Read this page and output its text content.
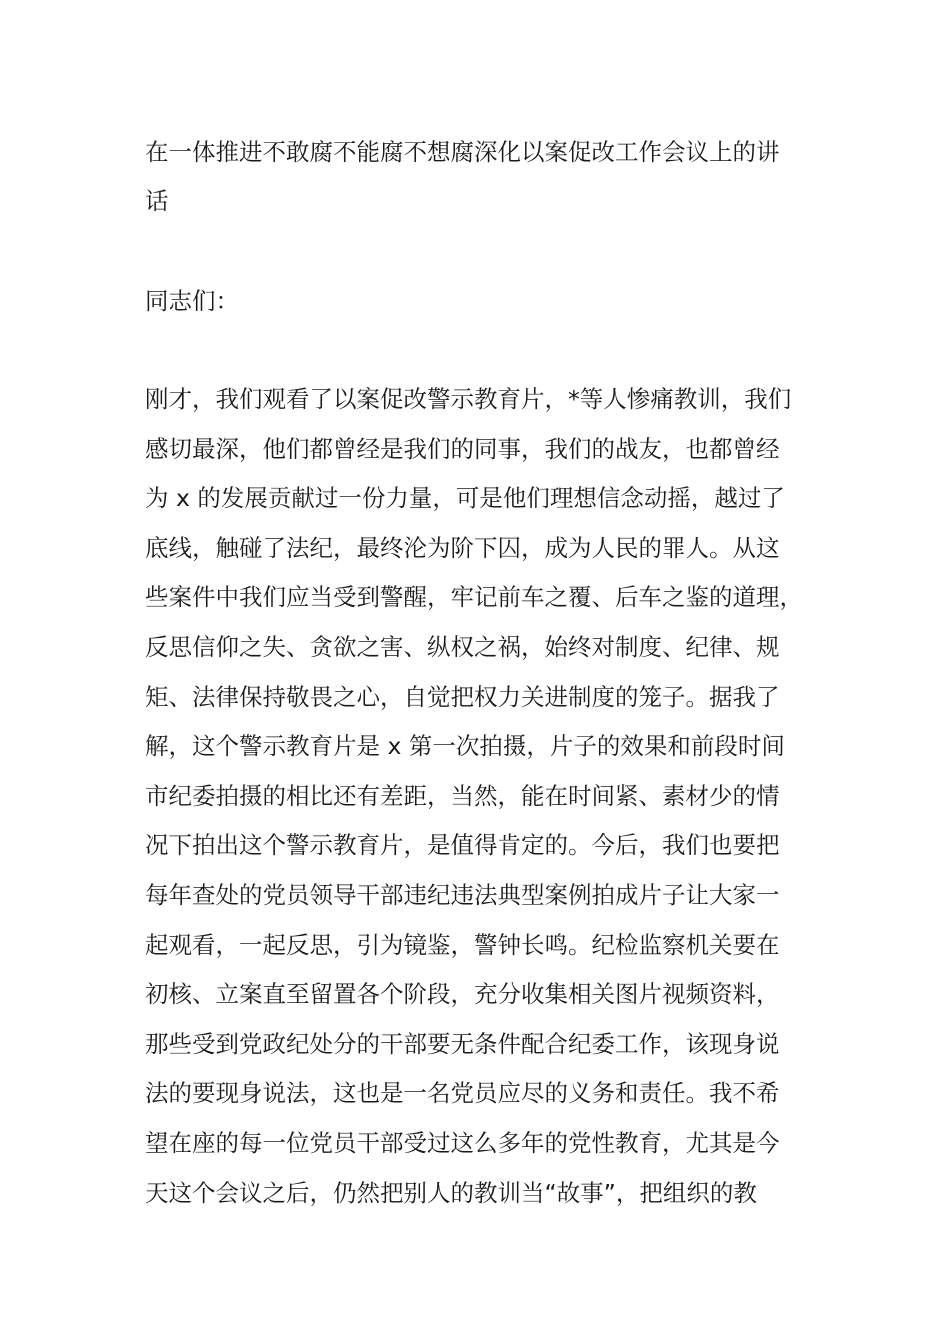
在一体推进不敢腐不能腐不想腐深化以案促改工作会议上的讲
话

同志们：

刚才，我们观看了以案促改警示教育片，*等人惨痛教训，我们
感切最深，他们都曾经是我们的同事，我们的战友，也都曾经
为 x 的发展贡献过一份力量，可是他们理想信念动摇，越过了
底线，触碰了法纪，最终沦为阶下囚，成为人民的罪人。从这
些案件中我们应当受到警醒，牢记前车之覆、后车之鉴的道理，
反思信仰之失、贪欲之害、纵权之祸，始终对制度、纪律、规
矩、法律保持敬畏之心，自觉把权力关进制度的笼子。据我了
解，这个警示教育片是 x 第一次拍摄，片子的效果和前段时间
市纪委拍摄的相比还有差距，当然，能在时间紧、素材少的情
况下拍出这个警示教育片，是值得肯定的。今后，我们也要把
每年查处的党员领导干部违纪违法典型案例拍成片子让大家一
起观看，一起反思，引为镜鉴，警钟长鸣。纪检监察机关要在
初核、立案直至留置各个阶段，充分收集相关图片视频资料，
那些受到党政纪处分的干部要无条件配合纪委工作，该现身说
法的要现身说法，这也是一名党员应尽的义务和责任。我不希
望在座的每一位党员干部受过这么多年的党性教育，尤其是今
天这个会议之后，仍然把别人的教训当“故事”，把组织的教
